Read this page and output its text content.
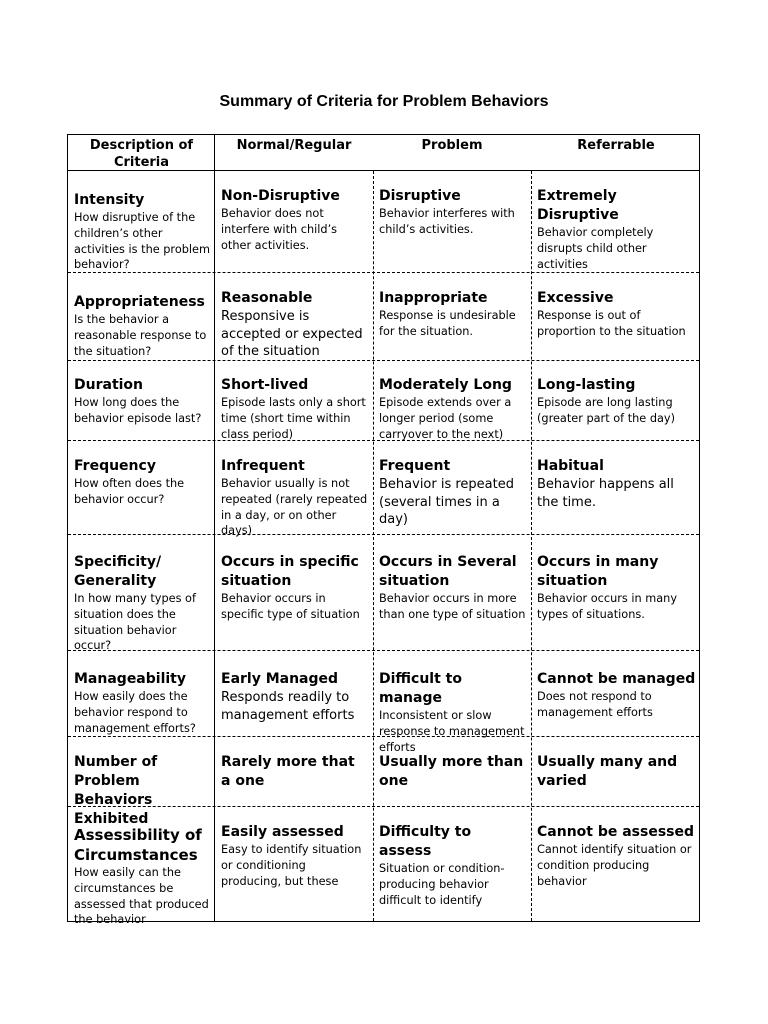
Summary of Criteria for Problem Behaviors
Description of Criteria
Normal/Regular	Problem	Referrable
Intensity
How disruptive of the children’s other activities is the problem behavior?
Non-Disruptive
Behavior does not interfere with child’s other activities.
Disruptive
Behavior interferes with child’s activities.
Extremely Disruptive
Behavior completely disrupts child other activities
Appropriateness
Is the behavior a reasonable response to the situation?
Reasonable
Responsive is accepted or expected of the situation
Inappropriate
Response is undesirable for the situation.
Excessive
Response is out of proportion to the situation
Duration
How long does the behavior episode last?
Short-lived
Episode lasts only a short time (short time within class period)
Moderately Long
Episode extends over a longer period (some carryover to the next)
Long-lasting
Episode are long lasting (greater part of the day)
Frequency
How often does the behavior occur?
Infrequent
Behavior usually is not repeated (rarely repeated in a day, or on other days)
Frequent
Behavior is repeated (several times in a day)
Habitual
Behavior happens all the time.
Specificity/ Generality
In how many types of situation does the situation behavior occur?
Occurs in specific situation
Behavior occurs in specific type of situation
Occurs in Several situation
Behavior occurs in more than one type of situation
Occurs in many situation
Behavior occurs in many types of situations.
Manageability
How easily does the behavior respond to management efforts?
Early Managed
Responds readily to management efforts
Difficult to manage
Inconsistent or slow response to management efforts
Cannot be managed
Does not respond to management efforts
Number of Problem Behaviors Exhibited
Rarely more that a one
Usually more than one
Usually many and varied
Assessibility of Circumstances
How easily can the circumstances be assessed that produced the behavior
Easily assessed
Easy to identify situation or conditioning producing, but these
Difficulty to assess
Situation or condition-producing behavior difficult to identify
Cannot be assessed
Cannot identify situation or condition producing behavior
